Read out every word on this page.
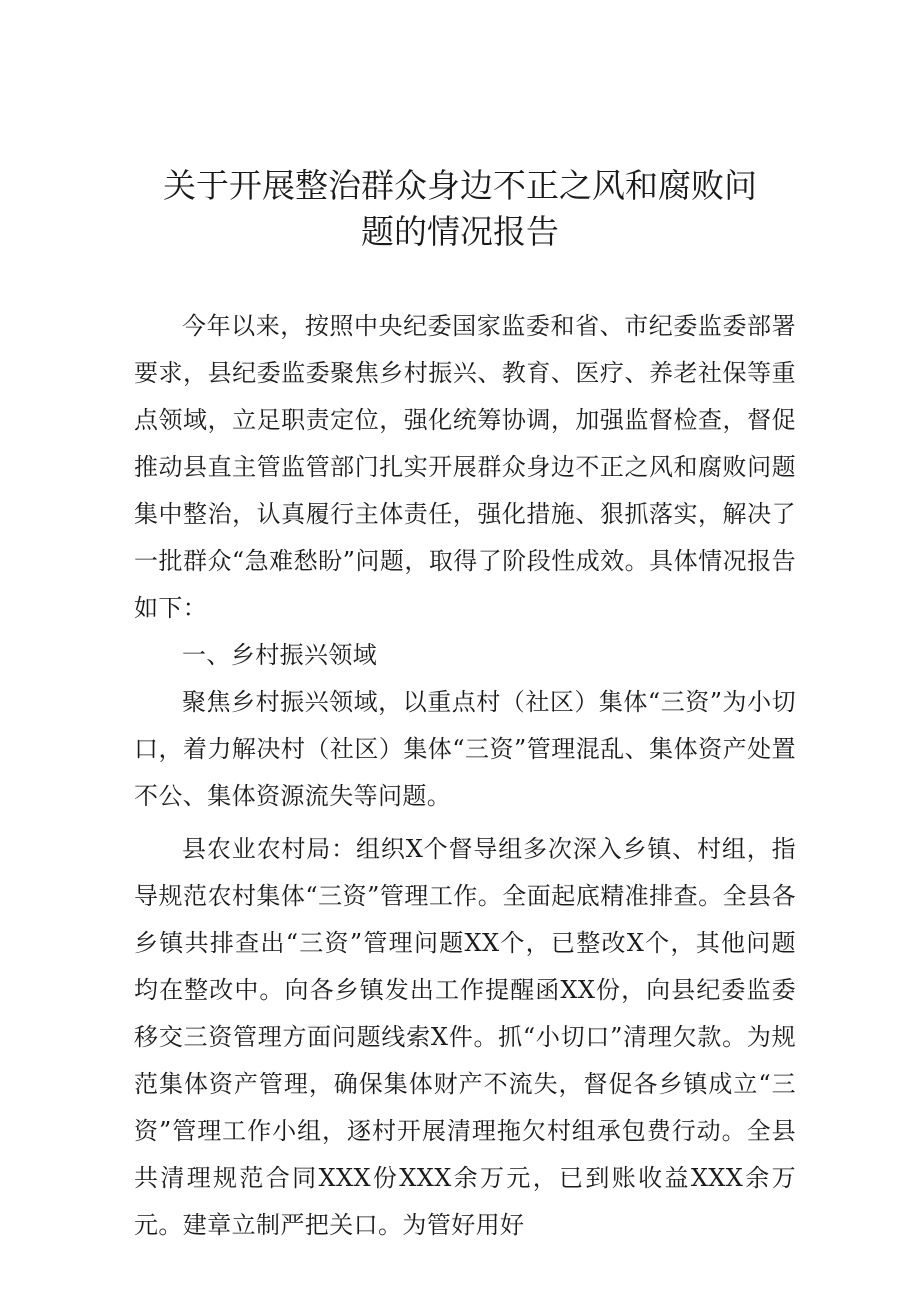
关于开展整治群众身边不正之风和腐败问
题的情况报告

今年以来，按照中央纪委国家监委和省、市纪委监委部署要求，县纪委监委聚焦乡村振兴、教育、医疗、养老社保等重点领域，立足职责定位，强化统筹协调，加强监督检查，督促推动县直主管监管部门扎实开展群众身边不正之风和腐败问题集中整治，认真履行主体责任，强化措施、狠抓落实，解决了一批群众“急难愁盼”问题，取得了阶段性成效。具体情况报告如下：

一、乡村振兴领域

聚焦乡村振兴领域，以重点村（社区）集体“三资”为小切口，着力解决村（社区）集体“三资”管理混乱、集体资产处置不公、集体资源流失等问题。

县农业农村局：组织X个督导组多次深入乡镇、村组，指导规范农村集体“三资”管理工作。全面起底精准排查。全县各乡镇共排查出“三资”管理问题XX个，已整改X个，其他问题均在整改中。向各乡镇发出工作提醒函XX份，向县纪委监委移交三资管理方面问题线索X件。抓“小切口”清理欠款。为规范集体资产管理，确保集体财产不流失，督促各乡镇成立“三资”管理工作小组，逐村开展清理拖欠村组承包费行动。全县共清理规范合同XXX份XXX余万元，已到账收益XXX余万元。建章立制严把关口。为管好用好
